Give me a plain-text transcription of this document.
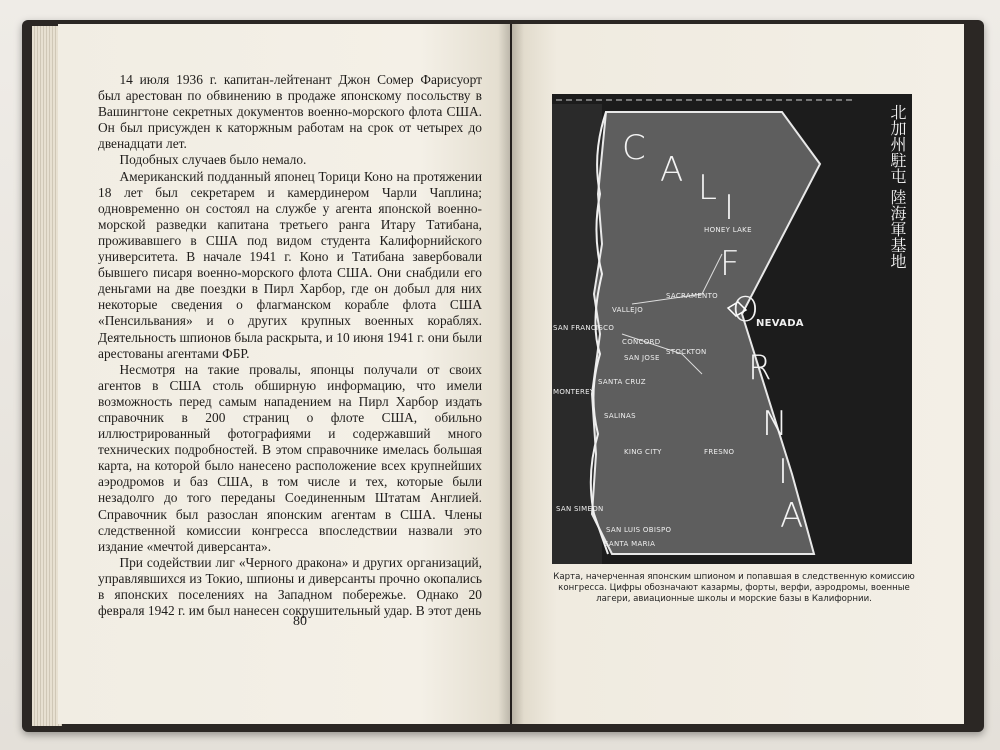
14 июля 1936 г. капитан-лейтенант Джон Сомер Фарисуорт был арестован по обвинению в продаже японскому посольству в Вашингтоне секретных документов военно-морского флота США. Он был присужден к каторжным работам на срок от четырех до двенадцати лет.

Подобных случаев было немало.

Американский подданный японец Торици Коно на протяжении 18 лет был секретарем и камердинером Чарли Чаплина; одновременно он состоял на службе у агента японской военно-морской разведки капитана третьего ранга Итару Татибана, проживавшего в США под видом студента Калифорнийского университета. В начале 1941 г. Коно и Татибана завербовали бывшего писаря военно-морского флота США. Они снабдили его деньгами на две поездки в Пирл Харбор, где он добыл для них некоторые сведения о флагманском корабле флота США «Пенсильвания» и о других крупных военных кораблях. Деятельность шпионов была раскрыта, и 10 июня 1941 г. они были арестованы агентами ФБР.

Несмотря на такие провалы, японцы получали от своих агентов в США столь обширную информацию, что имели возможность перед самым нападением на Пирл Харбор издать справочник в 200 страниц о флоте США, обильно иллюстрированный фотографиями и содержавший много технических подробностей. В этом справочнике имелась большая карта, на которой было нанесено расположение всех крупнейших аэродромов и баз США, в том числе и тех, которые были незадолго до того переданы Соединенным Штатам Англией. Справочник был разослан японским агентам в США. Члены следственной комиссии конгресса впоследствии назвали это издание «мечтой диверсанта».

При содействии лиг «Черного дракона» и других организаций, управлявшихся из Токио, шпионы и диверсанты прочно окопались в японских поселениях на Западном побережье. Однако 20 февраля 1942 г. им был нанесен сокрушительный удар. В этот день

80
C
A L I
F
O
R
N
I
A
NEVADA
HONEY LAKE
SACRAMENTO
VALLEJO
SAN FRANCISCO
CONCORD
SAN JOSE
STOCKTON
SANTA CRUZ
MONTEREY
SALINAS
FRESNO
KING CITY
SAN SIMEON
SAN LUIS OBISPO
SANTA MARIA
北加州駐屯 陸海軍基地
Карта, начерченная японским шпионом и попавшая в следственную комиссию конгресса. Цифры обозначают казармы, форты, верфи, аэродромы, военные лагери, авиационные школы и морские базы в Калифорнии.
